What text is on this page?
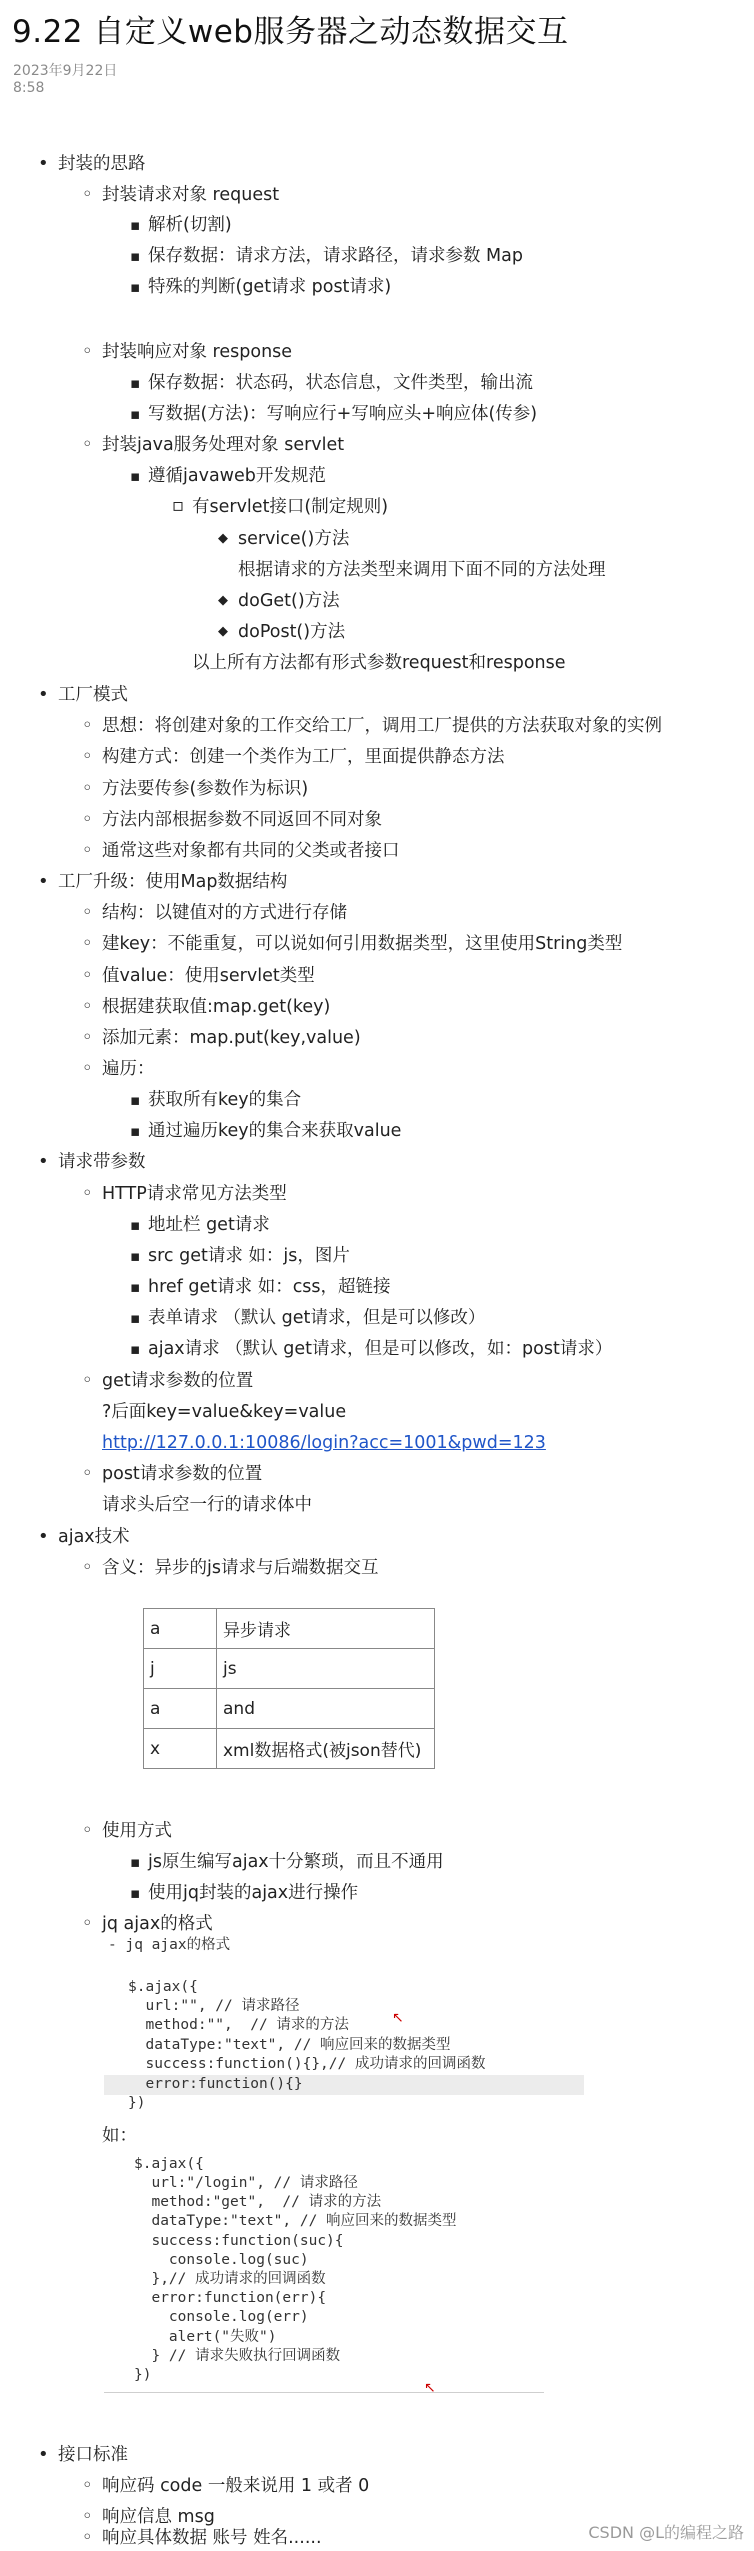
9.22 自定义web服务器之动态数据交互
2023年9月22日
8:58
• 封装的思路
◦ 封装请求对象 request
▪ 解析(切割)
▪ 保存数据：请求方法，请求路径，请求参数 Map
▪ 特殊的判断(get请求 post请求)
◦ 封装响应对象 response
▪ 保存数据：状态码，状态信息，文件类型，输出流
▪ 写数据(方法)：写响应行+写响应头+响应体(传参)
◦ 封装java服务处理对象 servlet
▪ 遵循javaweb开发规范
▫ 有servlet接口(制定规则)
◆ service()方法
根据请求的方法类型来调用下面不同的方法处理
◆ doGet()方法
◆ doPost()方法
以上所有方法都有形式参数request和response
• 工厂模式
◦ 思想：将创建对象的工作交给工厂，调用工厂提供的方法获取对象的实例
◦ 构建方式：创建一个类作为工厂，里面提供静态方法
◦ 方法要传参(参数作为标识)
◦ 方法内部根据参数不同返回不同对象
◦ 通常这些对象都有共同的父类或者接口
• 工厂升级：使用Map数据结构
◦ 结构：以键值对的方式进行存储
◦ 建key：不能重复，可以说如何引用数据类型，这里使用String类型
◦ 值value：使用servlet类型
◦ 根据建获取值:map.get(key)
◦ 添加元素：map.put(key,value)
◦ 遍历：
▪ 获取所有key的集合
▪ 通过遍历key的集合来获取value
• 请求带参数
◦ HTTP请求常见方法类型
▪ 地址栏 get请求
▪ src get请求 如：js，图片
▪ href get请求 如：css，超链接
▪ 表单请求 （默认 get请求，但是可以修改）
▪ ajax请求 （默认 get请求，但是可以修改，如：post请求）
◦ get请求参数的位置
?后面key=value&key=value
http://127.0.0.1:10086/login?acc=1001&pwd=123
◦ post请求参数的位置
请求头后空一行的请求体中
• ajax技术
◦ 含义：异步的js请求与后端数据交互
a	异步请求
j	js
a	and
x	xml数据格式(被json替代)
◦ 使用方式
▪ js原生编写ajax十分繁琐，而且不通用
▪ 使用jq封装的ajax进行操作
◦ jq ajax的格式
- jq ajax的格式
$.ajax({
url:"", // 请求路径
method:"",  // 请求的方法
dataType:"text", // 响应回来的数据类型
success:function(){},// 成功请求的回调函数
error:function(){}
})
↖
如：
$.ajax({
url:"/login", // 请求路径
method:"get",  // 请求的方法
dataType:"text", // 响应回来的数据类型
success:function(suc){
console.log(suc)
},// 成功请求的回调函数
error:function(err){
console.log(err)
alert("失败")
} // 请求失败执行回调函数
})
↖
• 接口标准
◦ 响应码 code 一般来说用 1 或者 0
◦ 响应信息 msg
◦ 响应具体数据 账号 姓名......	CSDN @L的编程之路
